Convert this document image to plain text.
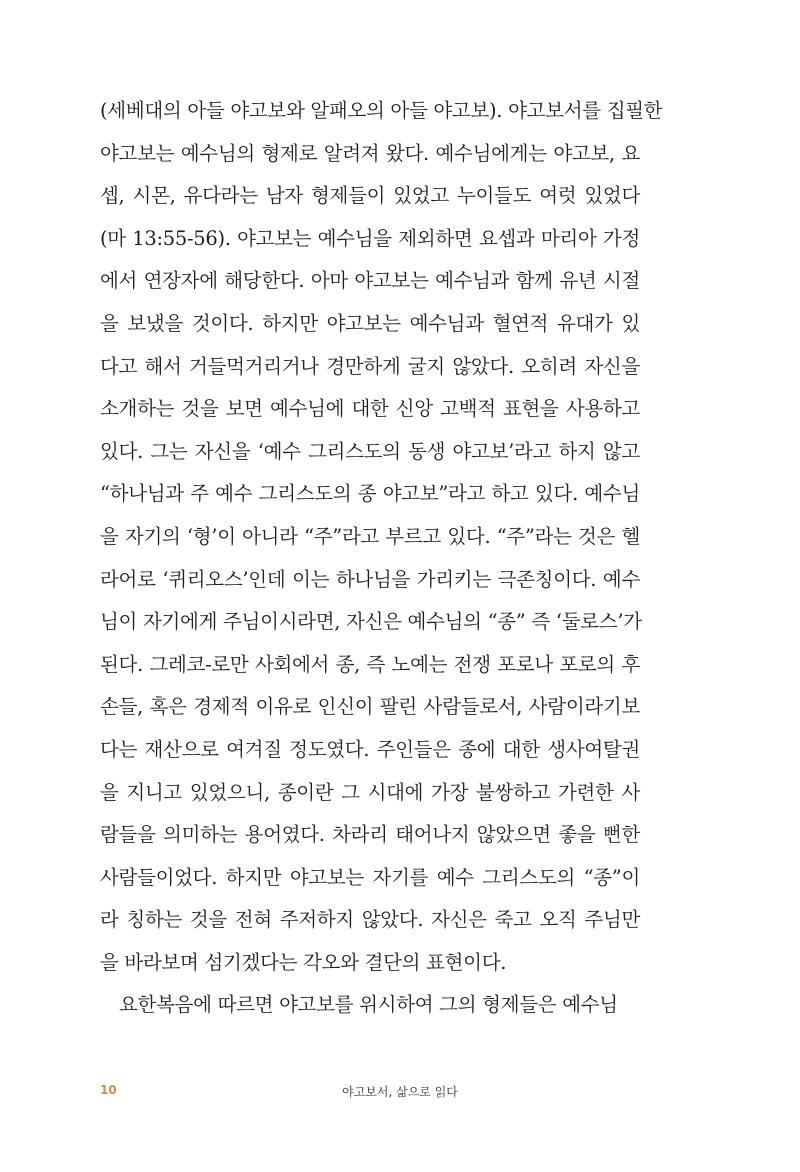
(세베대의 아들 야고보와 알패오의 아들 야고보). 야고보서를 집필한
야고보는 예수님의 형제로 알려져 왔다. 예수님에게는 야고보, 요
셉, 시몬, 유다라는 남자 형제들이 있었고 누이들도 여럿 있었다
(마 13:55-56). 야고보는 예수님을 제외하면 요셉과 마리아 가정
에서 연장자에 해당한다. 아마 야고보는 예수님과 함께 유년 시절
을 보냈을 것이다. 하지만 야고보는 예수님과 혈연적 유대가 있
다고 해서 거들먹거리거나 경만하게 굴지 않았다. 오히려 자신을
소개하는 것을 보면 예수님에 대한 신앙 고백적 표현을 사용하고
있다. 그는 자신을 ‘예수 그리스도의 동생 야고보’라고 하지 않고
“하나님과 주 예수 그리스도의 종 야고보”라고 하고 있다. 예수님
을 자기의 ‘형’이 아니라 “주”라고 부르고 있다. “주”라는 것은 헬
라어로 ‘퀴리오스’인데 이는 하나님을 가리키는 극존칭이다. 예수
님이 자기에게 주님이시라면, 자신은 예수님의 “종” 즉 ‘둘로스’가
된다. 그레코-로만 사회에서 종, 즉 노예는 전쟁 포로나 포로의 후
손들, 혹은 경제적 이유로 인신이 팔린 사람들로서, 사람이라기보
다는 재산으로 여겨질 정도였다. 주인들은 종에 대한 생사여탈권
을 지니고 있었으니, 종이란 그 시대에 가장 불쌍하고 가련한 사
람들을 의미하는 용어였다. 차라리 태어나지 않았으면 좋을 뻔한
사람들이었다. 하지만 야고보는 자기를 예수 그리스도의 “종”이
라 칭하는 것을 전혀 주저하지 않았다. 자신은 죽고 오직 주님만
을 바라보며 섬기겠다는 각오와 결단의 표현이다.
요한복음에 따르면 야고보를 위시하여 그의 형제들은 예수님
10	야고보서, 삶으로 읽다
